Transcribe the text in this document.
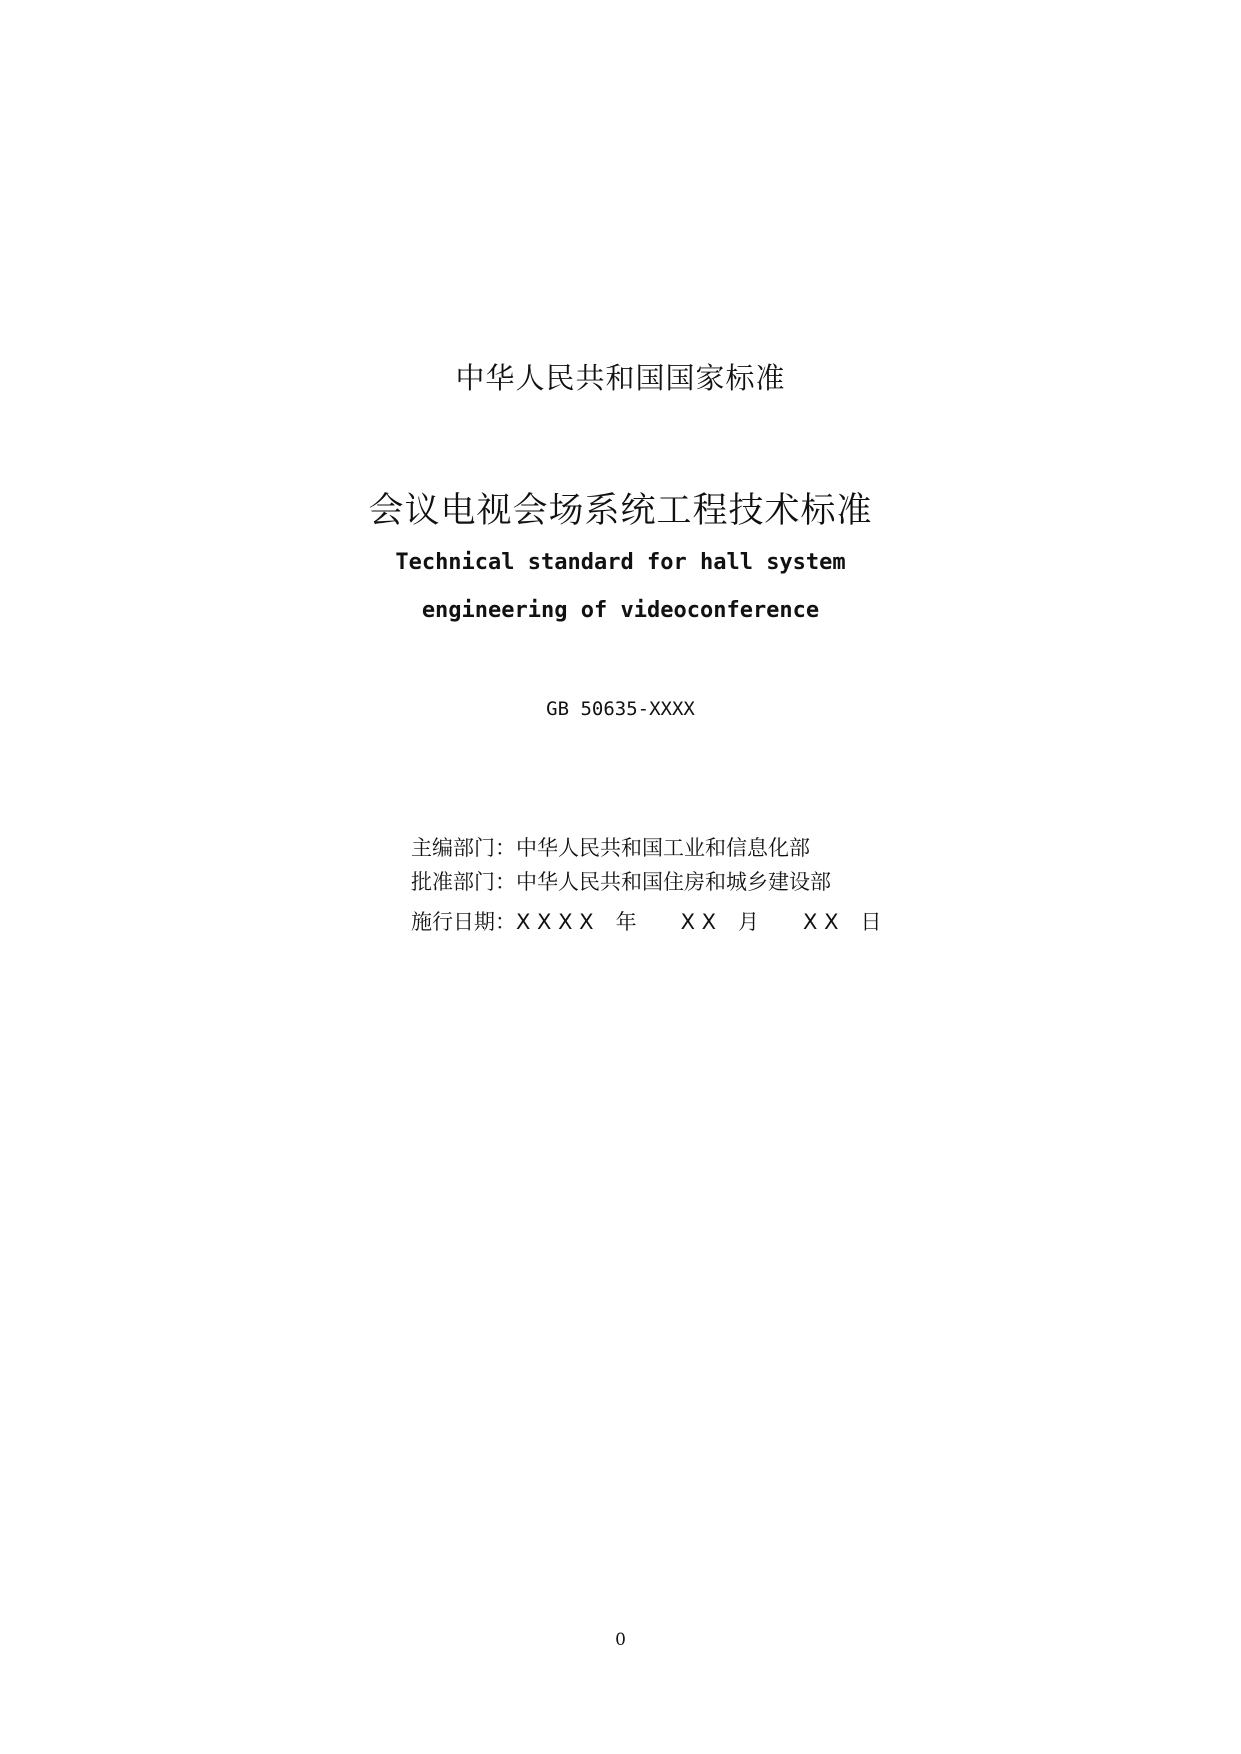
中华人民共和国国家标准
会议电视会场系统工程技术标准
Technical standard for hall system
engineering of videoconference
GB 50635-XXXX
主编部门：中华人民共和国工业和信息化部
批准部门：中华人民共和国住房和城乡建设部
施行日期：X X X X 年 X X 月 X X 日
0
